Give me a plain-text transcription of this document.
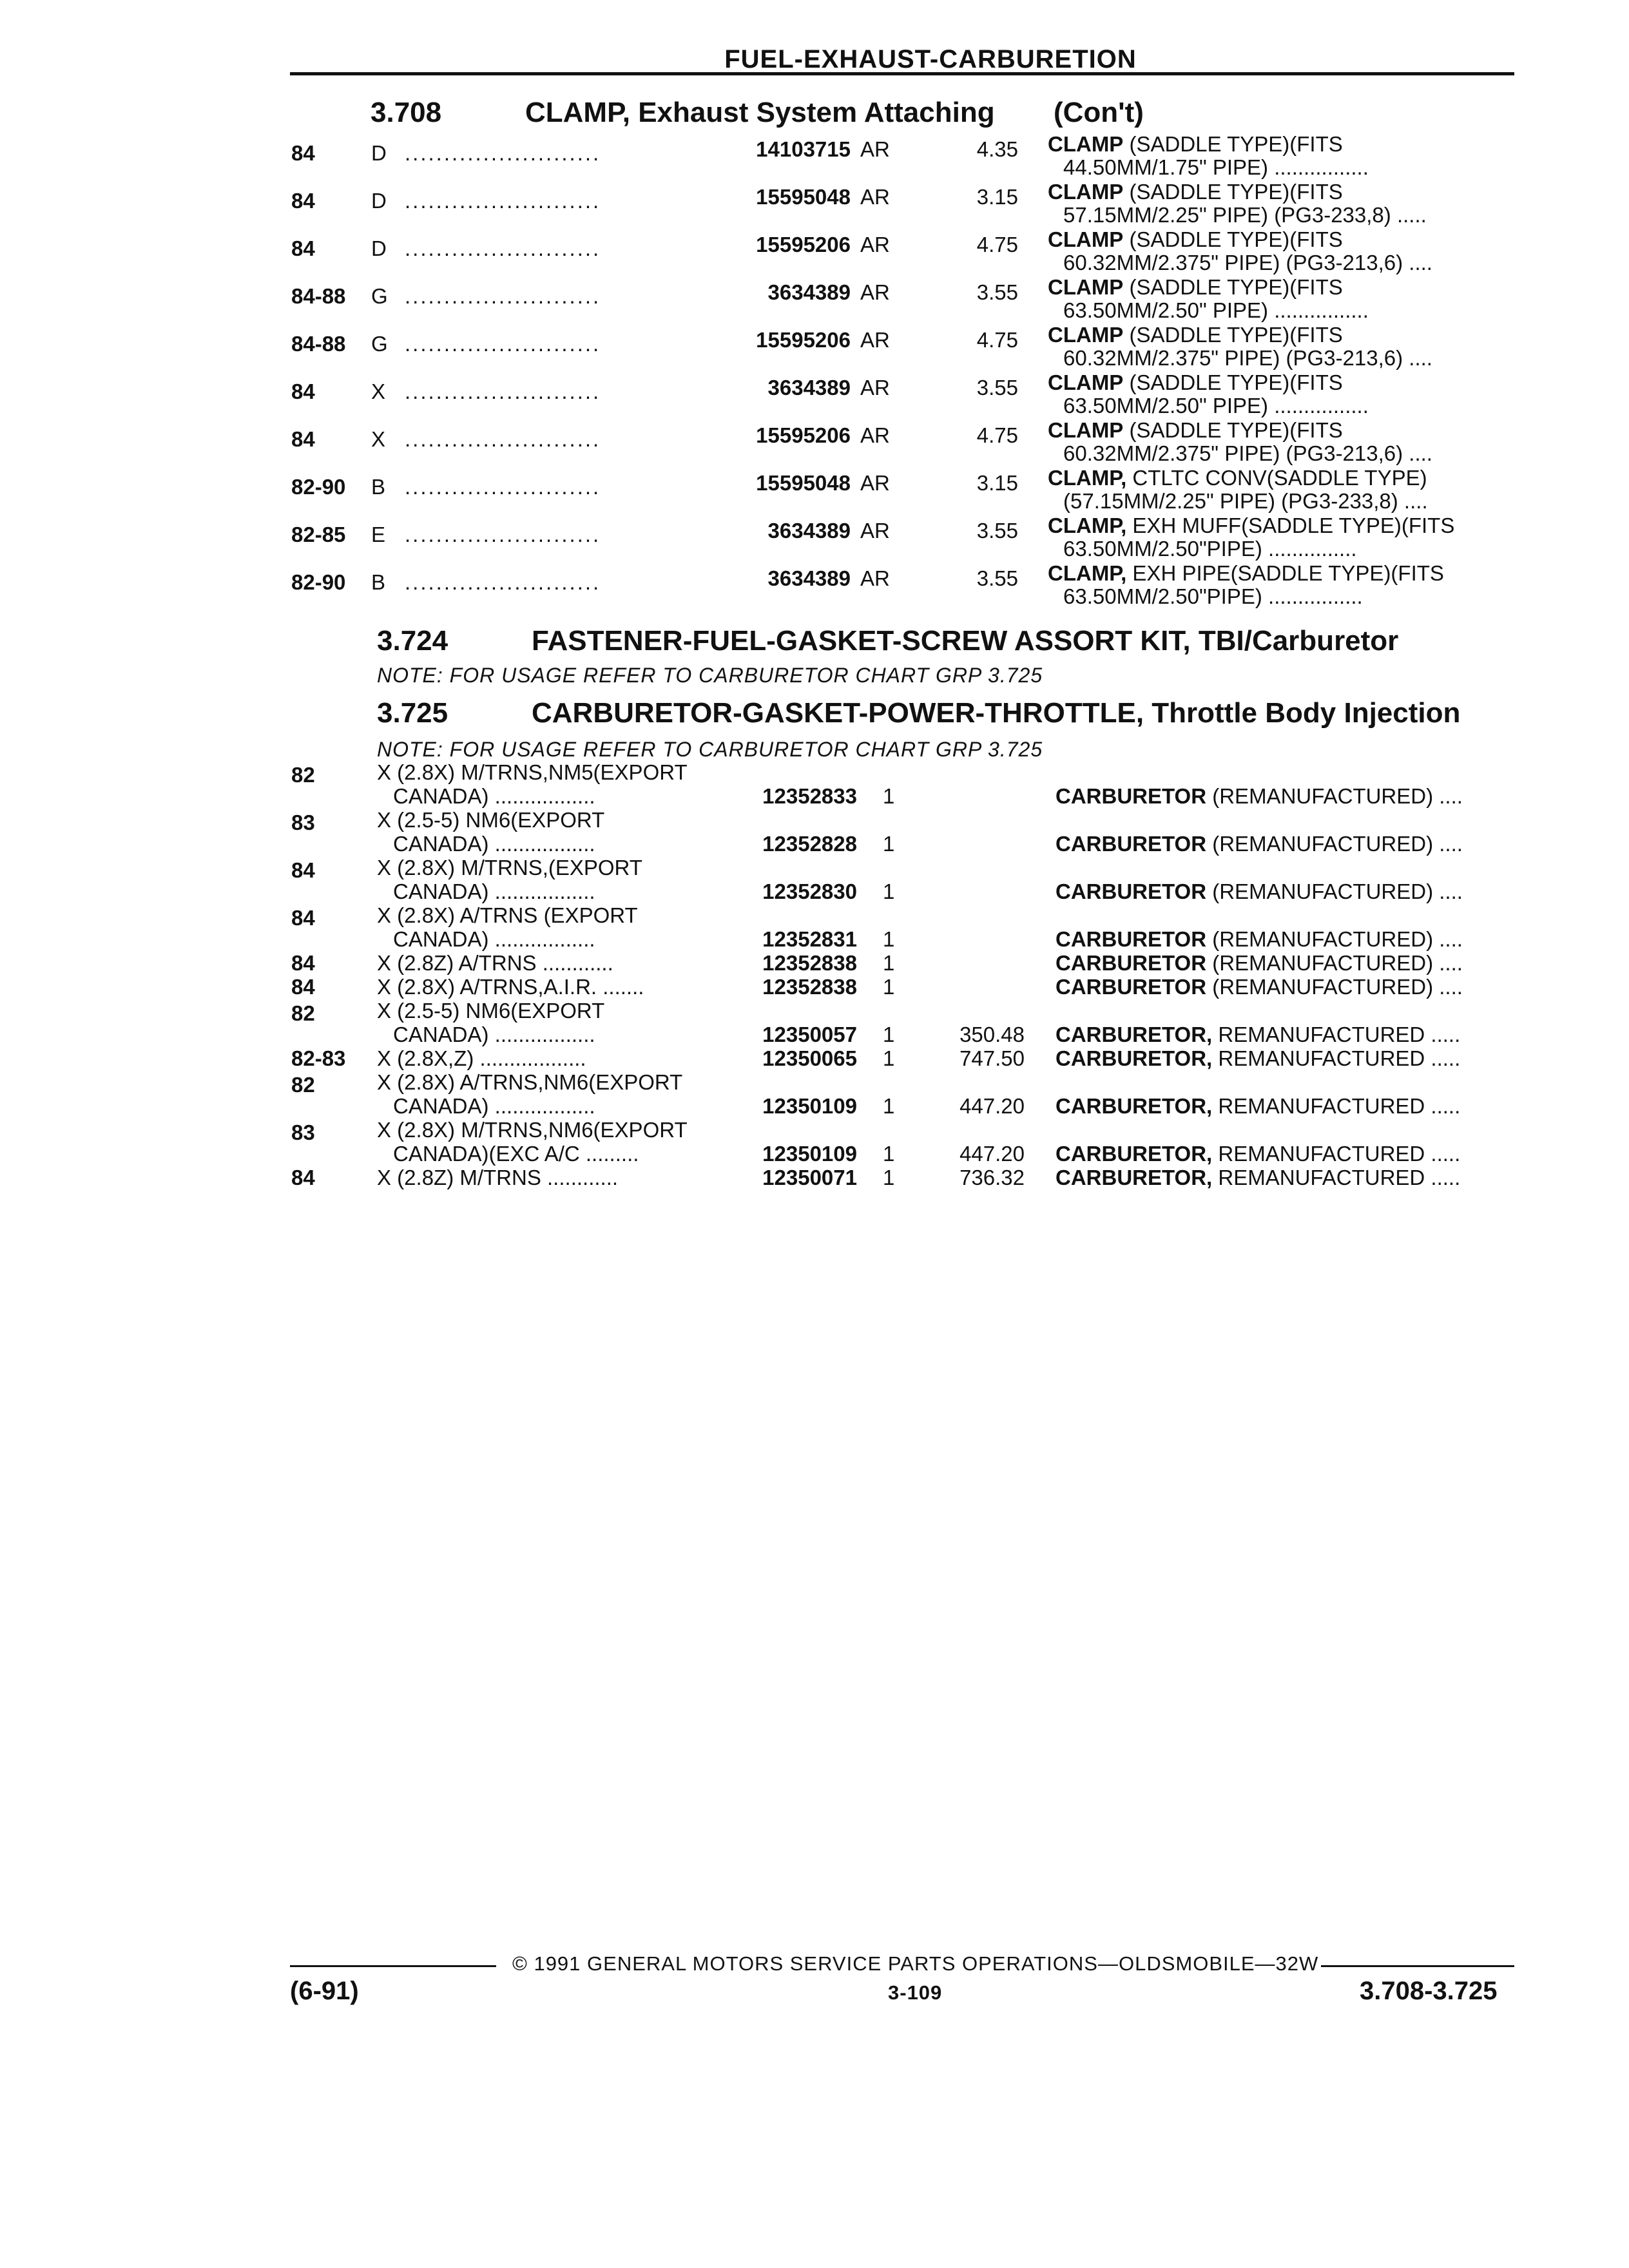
FUEL-EXHAUST-CARBURETION
3.708	CLAMP, Exhaust System Attaching (Con't)
84	D .........................	14103715 AR	4.35 CLAMP (SADDLE TYPE)(FITS
44.50MM/1.75" PIPE) ................
84	D .........................	15595048 AR	3.15 CLAMP (SADDLE TYPE)(FITS
57.15MM/2.25" PIPE) (PG3-233,8) .....
84	D .........................	15595206 AR	4.75 CLAMP (SADDLE TYPE)(FITS
60.32MM/2.375" PIPE) (PG3-213,6) ....
84-88 G .........................	3634389 AR	3.55 CLAMP (SADDLE TYPE)(FITS
63.50MM/2.50" PIPE) ................
84-88 G .........................	15595206 AR	4.75 CLAMP (SADDLE TYPE)(FITS
60.32MM/2.375" PIPE) (PG3-213,6) ....
84	X .........................	3634389 AR	3.55 CLAMP (SADDLE TYPE)(FITS
63.50MM/2.50" PIPE) ................
84	X .........................	15595206 AR	4.75 CLAMP (SADDLE TYPE)(FITS
60.32MM/2.375" PIPE) (PG3-213,6) ....
82-90 B .........................	15595048 AR	3.15 CLAMP, CTLTC CONV(SADDLE TYPE)
(57.15MM/2.25" PIPE) (PG3-233,8) ....
82-85 E .........................	3634389 AR	3.55 CLAMP, EXH MUFF(SADDLE TYPE)(FITS
63.50MM/2.50"PIPE) ...............
82-90 B .........................	3634389 AR	3.55 CLAMP, EXH PIPE(SADDLE TYPE)(FITS
63.50MM/2.50"PIPE) ................
3.724	FASTENER-FUEL-GASKET-SCREW ASSORT KIT, TBI/Carburetor
NOTE: FOR USAGE REFER TO CARBURETOR CHART GRP 3.725
3.725	CARBURETOR-GASKET-POWER-THROTTLE, Throttle Body Injection
NOTE: FOR USAGE REFER TO CARBURETOR CHART GRP 3.725
82	X (2.8X) M/TRNS,NM5(EXPORT
CANADA) .................	12352833 1	CARBURETOR (REMANUFACTURED) ....
83	X (2.5-5) NM6(EXPORT
CANADA) .................	12352828 1	CARBURETOR (REMANUFACTURED) ....
84	X (2.8X) M/TRNS,(EXPORT
CANADA) .................	12352830 1	CARBURETOR (REMANUFACTURED) ....
84	X (2.8X) A/TRNS (EXPORT
CANADA) .................	12352831 1	CARBURETOR (REMANUFACTURED) ....
84	X (2.8Z) A/TRNS ............	12352838 1	CARBURETOR (REMANUFACTURED) ....
84	X (2.8X) A/TRNS,A.I.R. .......	12352838 1	CARBURETOR (REMANUFACTURED) ....
82	X (2.5-5) NM6(EXPORT
CANADA) .................	12350057 1	350.48 CARBURETOR, REMANUFACTURED .....
82-83 X (2.8X,Z) ..................	12350065 1	747.50 CARBURETOR, REMANUFACTURED .....
82	X (2.8X) A/TRNS,NM6(EXPORT
CANADA) .................	12350109 1	447.20 CARBURETOR, REMANUFACTURED .....
83	X (2.8X) M/TRNS,NM6(EXPORT
CANADA)(EXC A/C .........	12350109 1	447.20 CARBURETOR, REMANUFACTURED .....
84	X (2.8Z) M/TRNS ............	12350071 1	736.32 CARBURETOR, REMANUFACTURED .....
© 1991 GENERAL MOTORS SERVICE PARTS OPERATIONS—OLDSMOBILE—32W
(6-91)	3-109	3.708-3.725
